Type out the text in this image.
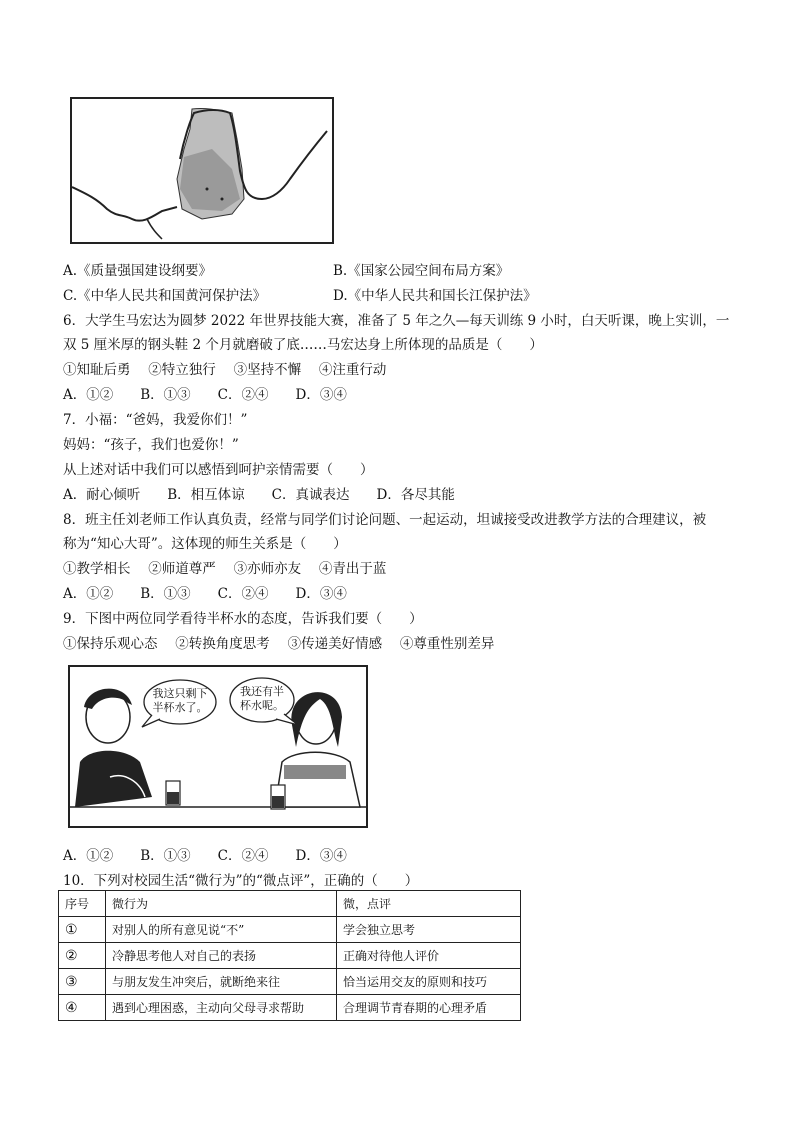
A.《质量强国建设纲要》	B.《国家公园空间布局方案》
C.《中华人民共和国黄河保护法》	D.《中华人民共和国长江保护法》
6．大学生马宏达为圆梦 2022 年世界技能大赛，准备了 5 年之久—每天训练 9 小时，白天听课，晚上实训，一
双 5 厘米厚的钢头鞋 2 个月就磨破了底……马宏达身上所体现的品质是（　　）
①知耻后勇　 ②特立独行　 ③坚持不懈　 ④注重行动
A．①②　　B．①③　　C．②④　　D．③④
7．小福：“爸妈，我爱你们！”
妈妈：“孩子，我们也爱你！”
从上述对话中我们可以感悟到呵护亲情需要（　　）
A．耐心倾听　　B．相互体谅　　C．真诚表达　　D．各尽其能
8．班主任刘老师工作认真负责，经常与同学们讨论问题、一起运动，坦诚接受改进教学方法的合理建议，被
称为“知心大哥”。这体现的师生关系是（　　）
①教学相长　 ②师道尊严　 ③亦师亦友　 ④青出于蓝
A．①②　　B．①③　　C．②④　　D．③④
9．下图中两位同学看待半杯水的态度，告诉我们要（　　）
①保持乐观心态　 ②转换角度思考　 ③传递美好情感　 ④尊重性别差异
我这只剩下半杯水了。
我还有半杯水呢。
A．①②　　B．①③　　C．②④　　D．③④
10．下列对校园生活“微行为”的“微点评”，正确的（　　）
序号	微行为	微，点评
①	对别人的所有意见说“不”	学会独立思考
②	冷静思考他人对自己的表扬	正确对待他人评价
③	与朋友发生冲突后，就断绝来往	恰当运用交友的原则和技巧
④	遇到心理困惑，主动向父母寻求帮助	合理调节青春期的心理矛盾
